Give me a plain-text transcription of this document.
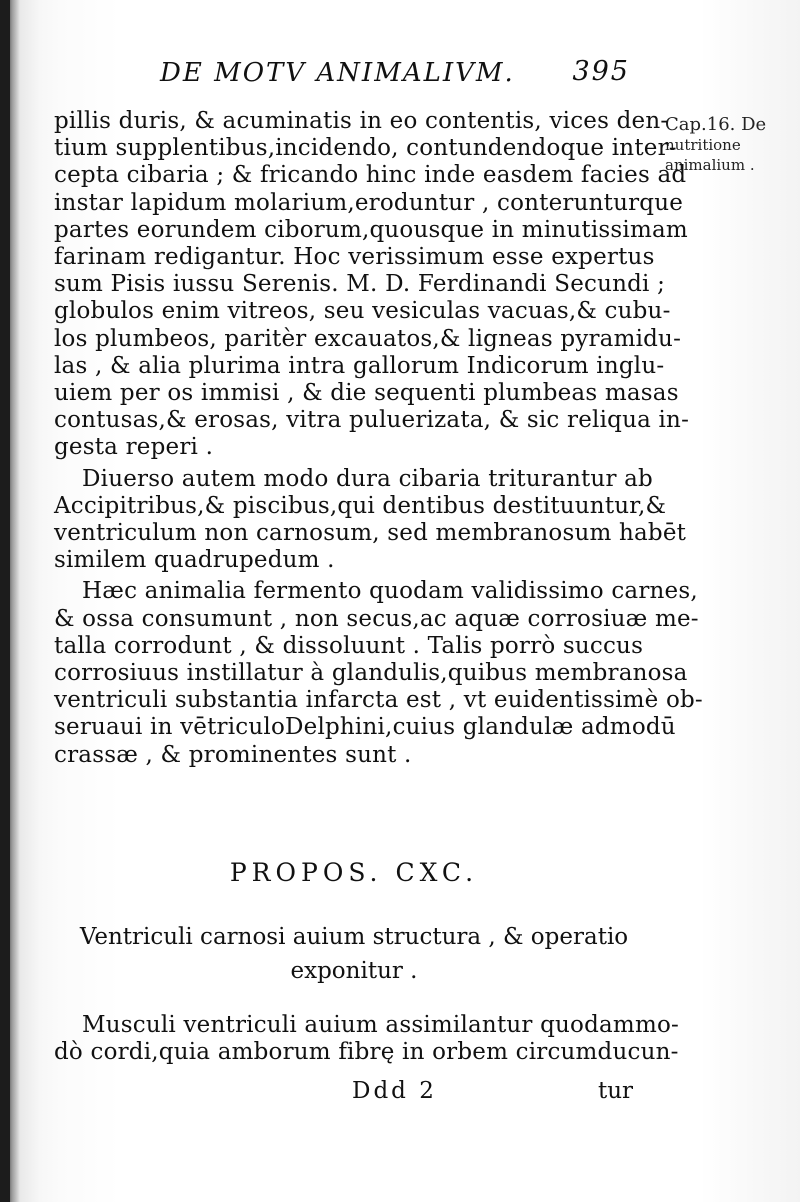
DE MOTV ANIMALIVM. 395
Cap.16. De
nutritione
animalium .
pillis duris, & acuminatis in eo contentis, vices den-
tium supplentibus,incidendo, contundendoque inter-
cepta cibaria ; & fricando hinc inde easdem facies ad
instar lapidum molarium,eroduntur , conterunturque
partes eorundem ciborum,quousque in minutissimam
farinam redigantur. Hoc verissimum esse expertus
sum Pisis iussu Serenis. M. D. Ferdinandi Secundi ;
globulos enim vitreos, seu vesiculas vacuas,& cubu-
los plumbeos, paritèr excauatos,& ligneas pyramidu-
las , & alia plurima intra gallorum Indicorum inglu-
uiem per os immisi , & die sequenti plumbeas masas
contusas,& erosas, vitra puluerizata, & sic reliqua in-
gesta reperi .
Diuerso autem modo dura cibaria triturantur ab
Accipitribus,& piscibus,qui dentibus destituuntur,&
ventriculum non carnosum, sed membranosum habēt
similem quadrupedum .
Hæc animalia fermento quodam validissimo carnes,
& ossa consumunt , non secus,ac aquæ corrosiuæ me-
talla corrodunt , & dissoluunt . Talis porrò succus
corrosiuus instillatur à glandulis,quibus membranosa
ventriculi substantia infarcta est , vt euidentissimè ob-
seruaui in vētriculoDelphini,cuius glandulæ admodū
crassæ , & prominentes sunt .
PROPOS. CXC.
Ventriculi carnosi auium structura , & operatio
exponitur .
Musculi ventriculi auium assimilantur quodammo-
dò cordi,quia amborum fibrę in orbem circumducun-
Ddd 2	tur
